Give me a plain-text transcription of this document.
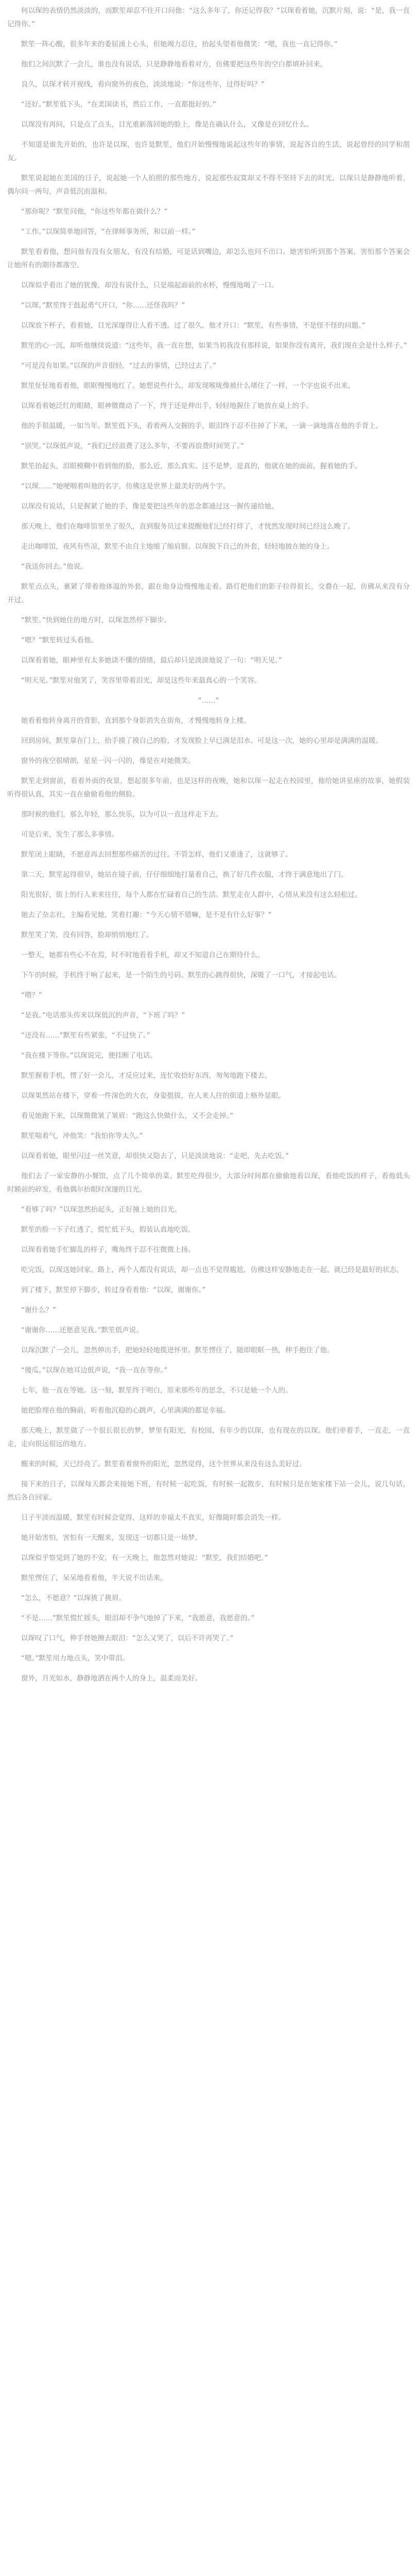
何以琛的表情仍然淡淡的，而默笙却忍不住开口问他：“这么多年了，你还记得我？”以琛看着她，沉默片刻，说：“是，我一直记得你。”

默笙一阵心酸，很多年来的委屈涌上心头，但她竭力忍住，抬起头望着他微笑：“嗯，我也一直记得你。”

他们之间沉默了一会儿，谁也没有说话，只是静静地看着对方，仿佛要把这些年的空白都填补回来。

良久，以琛才转开视线，看向窗外的夜色，淡淡地说：“你这些年，过得好吗？”

“还好。”默笙低下头，“在美国读书，然后工作，一直都挺好的。”

以琛没有再问，只是点了点头，目光重新落回她的脸上，像是在确认什么，又像是在回忆什么。

不知道是谁先开始的，也许是以琛，也许是默笙，他们开始慢慢地说起这些年的事情，说起各自的生活，说起曾经的同学和朋友。

默笙说起她在美国的日子，说起她一个人拍照的那些地方，说起那些寂寞却又不得不坚持下去的时光。以琛只是静静地听着，偶尔问一两句，声音低沉而温和。

“那你呢？”默笙问他，“你这些年都在做什么？”

“工作。”以琛简单地回答，“在律师事务所，和以前一样。”

默笙看着他，想问他有没有女朋友，有没有结婚，可是话到嘴边，却怎么也问不出口。她害怕听到那个答案，害怕那个答案会让她所有的期待都落空。

以琛似乎看出了她的犹豫，却没有说什么，只是端起面前的水杯，慢慢地喝了一口。

“以琛。”默笙终于鼓起勇气开口，“你……还怪我吗？”

以琛放下杯子，看着她，目光深邃得让人看不透。过了很久，他才开口：“默笙，有些事情，不是怪不怪的问题。”

默笙的心一沉，却听他继续说道：“这些年，我一直在想，如果当初我没有那样说，如果你没有离开，我们现在会是什么样子。”

“可是没有如果。”以琛的声音很轻，“过去的事情，已经过去了。”

默笙怔怔地看着他，眼眶慢慢地红了。她想说些什么，却发现喉咙像被什么堵住了一样，一个字也说不出来。

以琛看着她泛红的眼睛，眼神微微动了一下，终于还是伸出手，轻轻地握住了她放在桌上的手。

他的手很温暖，一如当年。默笙低下头，看着两人交握的手，眼泪终于忍不住掉了下来，一滴一滴地落在他的手背上。

“别哭。”以琛低声说，“我们已经浪费了这么多年，不要再浪费时间哭了。”

默笙抬起头，泪眼模糊中看到他的脸，那么近，那么真实。这不是梦，是真的，他就在她的面前，握着她的手。

“以琛……”她哽咽着叫他的名字，仿佛这是世界上最美好的两个字。

以琛没有说话，只是握紧了她的手，像是要把这些年的思念都通过这一握传递给她。

那天晚上，他们在咖啡馆里坐了很久，直到服务员过来提醒他们已经打烊了，才恍然发现时间已经这么晚了。

走出咖啡馆，夜风有些凉，默笙不由自主地缩了缩肩膀。以琛脱下自己的外套，轻轻地披在她的身上。

“我送你回去。”他说。

默笙点点头，裹紧了带着他体温的外套，跟在他身边慢慢地走着。路灯把他们的影子拉得很长，交叠在一起，仿佛从来没有分开过。

“默笙。”快到她住的地方时，以琛忽然停下脚步。

“嗯？”默笙转过头看他。

以琛看着她，眼神里有太多她读不懂的情绪，最后却只是淡淡地说了一句：“明天见。”

“明天见。”默笙对他笑了，笑容里带着泪光，却是这些年来最真心的一个笑容。

“……”

她看着他转身离开的背影，直到那个身影消失在街角，才慢慢地转身上楼。

回到房间，默笙靠在门上，抬手摸了摸自己的脸，才发现脸上早已满是泪水。可是这一次，她的心里却是满满的温暖。

窗外的夜空很晴朗，星星一闪一闪的，像是在对她微笑。

默笙走到窗前，看着外面的夜景，想起很多年前，也是这样的夜晚，她和以琛一起走在校园里，他给她讲星座的故事，她假装听得很认真，其实一直在偷偷看他的侧脸。

那时候的他们，那么年轻，那么快乐，以为可以一直这样走下去。

可是后来，发生了那么多事情。

默笙闭上眼睛，不愿意再去回想那些痛苦的过往。不管怎样，他们又重逢了，这就够了。

第二天，默笙起得很早，她站在镜子前，仔仔细细地打量着自己，换了好几件衣服，才终于满意地出了门。

阳光很好，街上的行人来来往往，每个人都在忙碌着自己的生活。默笙走在人群中，心情从来没有这么轻松过。

她去了杂志社，主编看见她，笑着打趣：“今天心情不错嘛，是不是有什么好事？”

默笙笑了笑，没有回答，脸却悄悄地红了。

一整天，她都有些心不在焉，时不时地看看手机，却又不知道自己在期待什么。

下午的时候，手机终于响了起来，是一个陌生的号码。默笙的心跳得很快，深吸了一口气，才接起电话。

“喂？”

“是我。”电话那头传来以琛低沉的声音，“下班了吗？”

“还没有……”默笙有些紧张，“不过快了。”

“我在楼下等你。”以琛说完，便挂断了电话。

默笙握着手机，愣了好一会儿，才反应过来，连忙收拾好东西，匆匆地跑下楼去。

以琛果然站在楼下，穿着一件深色的大衣，身姿挺拔，在人来人往的街道上格外显眼。

看见她跑下来，以琛微微皱了皱眉：“跑这么快做什么，又不会走掉。”

默笙喘着气，冲他笑：“我怕你等太久。”

以琛看着她，眼里闪过一丝笑意，却很快又隐去了，只是淡淡地说：“走吧，先去吃饭。”

他们去了一家安静的小餐馆，点了几个简单的菜。默笙吃得很少，大部分时间都在偷偷地看以琛，看他吃饭的样子，看他低头时额前的碎发，看他偶尔抬眼时深邃的目光。

“看够了吗？”以琛忽然抬起头，正好撞上她的目光。

默笙的脸一下子红透了，慌忙低下头，假装认真地吃饭。

以琛看着她手忙脚乱的样子，嘴角终于忍不住微微上扬。

吃完饭，以琛送她回家。路上，两个人都没有说话，却一点也不觉得尴尬，仿佛这样安静地走在一起，就已经是最好的状态。

到了楼下，默笙停下脚步，转过身看着他：“以琛，谢谢你。”

“谢什么？”

“谢谢你……还愿意见我。”默笙低声说。

以琛沉默了一会儿，忽然伸出手，把她轻轻地揽进怀里。默笙愣住了，随即眼眶一热，伸手抱住了他。

“傻瓜。”以琛在她耳边低声说，“我一直在等你。”

七年，他一直在等她。这一刻，默笙终于明白，原来那些年的思念，不只是她一个人的。

她把脸埋在他的胸前，听着他沉稳的心跳声，心里满满的都是幸福。

那天晚上，默笙做了一个很长很长的梦，梦里有阳光，有校园，有年少的以琛，也有现在的以琛。他们牵着手，一直走，一直走，走向很远很远的地方。

醒来的时候，天已经亮了。默笙看着窗外的阳光，忽然觉得，这个世界从来没有这么美好过。

接下来的日子，以琛每天都会来接她下班，有时候一起吃饭，有时候一起散步，有时候只是在她家楼下站一会儿，说几句话，然后各自回家。

日子平淡而温暖，默笙有时候会觉得，这样的幸福太不真实，好像随时都会消失一样。

她开始害怕，害怕有一天醒来，发现这一切都只是一场梦。

以琛似乎察觉到了她的不安，有一天晚上，他忽然对她说：“默笙，我们结婚吧。”

默笙愣住了，呆呆地看着他，半天说不出话来。

“怎么，不愿意？”以琛挑了挑眉。

“不是……”默笙慌忙摇头，眼泪却不争气地掉了下来，“我愿意，我愿意的。”

以琛叹了口气，伸手替她擦去眼泪：“怎么又哭了，以后不许再哭了。”

“嗯。”默笙用力地点头，笑中带泪。

窗外，月光如水，静静地洒在两个人的身上，温柔而美好。
